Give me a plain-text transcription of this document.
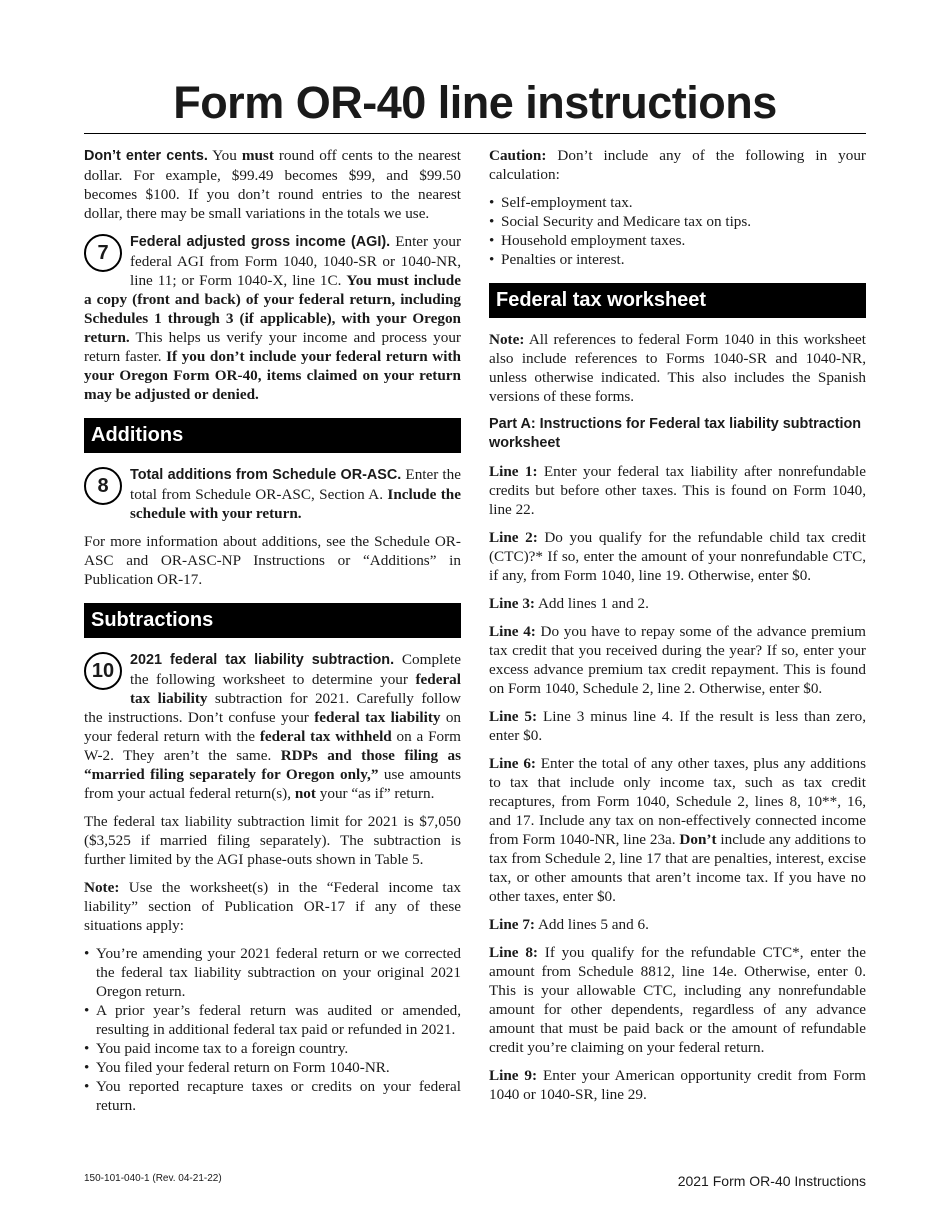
Form OR-40 line instructions

Don’t enter cents. You must round off cents to the nearest dollar. For example, $99.49 becomes $99, and $99.50 becomes $100. If you don’t round entries to the nearest dollar, there may be small variations in the totals we use.

7	Federal adjusted gross income (AGI). Enter your federal AGI from Form 1040, 1040-SR or 1040-NR, line 11; or Form 1040-X, line 1C. You must include a copy (front and back) of your federal return, including Schedules 1 through 3 (if applicable), with your Oregon return. This helps us verify your income and process your return faster. If you don’t include your federal return with your Oregon Form OR-40, items claimed on your return may be adjusted or denied.

Additions
8	Total additions from Schedule OR-ASC. Enter the total from Schedule OR-ASC, Section A. Include the schedule with your return.

For more information about additions, see the Schedule OR-ASC and OR-ASC-NP Instructions or “Additions” in Publication OR-17.

Subtractions
10	2021 federal tax liability subtraction. Complete the following worksheet to determine your federal tax liability subtraction for 2021. Carefully follow the instructions. Don’t confuse your federal tax liability on your federal return with the federal tax withheld on a Form W-2. They aren’t the same. RDPs and those filing as “married filing separately for Oregon only,” use amounts from your actual federal return(s), not your “as if” return.

The federal tax liability subtraction limit for 2021 is $7,050 ($3,525 if married filing separately). The subtraction is further limited by the AGI phase-outs shown in Table 5.

Note: Use the worksheet(s) in the “Federal income tax liability” section of Publication OR-17 if any of these situations apply:

• You’re amending your 2021 federal return or we corrected the federal tax liability subtraction on your original 2021 Oregon return.
• A prior year’s federal return was audited or amended, resulting in additional federal tax paid or refunded in 2021.
• You paid income tax to a foreign country.
• You filed your federal return on Form 1040-NR.
• You reported recapture taxes or credits on your federal return.

Caution: Don’t include any of the following in your calculation:

• Self-employment tax.
• Social Security and Medicare tax on tips.
• Household employment taxes.
• Penalties or interest.
Federal tax worksheet

Note: All references to federal Form 1040 in this worksheet also include references to Forms 1040-SR and 1040-NR, unless otherwise indicated. This also includes the Spanish versions of these forms.

Part A: Instructions for Federal tax liability subtraction worksheet

Line 1: Enter your federal tax liability after nonrefundable credits but before other taxes. This is found on Form 1040, line 22.

Line 2: Do you qualify for the refundable child tax credit (CTC)?* If so, enter the amount of your nonrefundable CTC, if any, from Form 1040, line 19. Otherwise, enter $0.

Line 3: Add lines 1 and 2.

Line 4: Do you have to repay some of the advance premium tax credit that you received during the year? If so, enter your excess advance premium tax credit repayment. This is found on Form 1040, Schedule 2, line 2. Otherwise, enter $0.

Line 5: Line 3 minus line 4. If the result is less than zero, enter $0.

Line 6: Enter the total of any other taxes, plus any additions to tax that include only income tax, such as tax credit recaptures, from Form 1040, Schedule 2, lines 8, 10**, 16, and 17. Include any tax on non-effectively connected income from Form 1040-NR, line 23a. Don’t include any additions to tax from Schedule 2, line 17 that are penalties, interest, excise tax, or other amounts that aren’t income tax. If you have no other taxes, enter $0.

Line 7: Add lines 5 and 6.

Line 8: If you qualify for the refundable CTC*, enter the amount from Schedule 8812, line 14e. Otherwise, enter 0. This is your allowable CTC, including any nonrefundable amount for other dependents, regardless of any advance amount that must be paid back or the amount of refundable credit you’re claiming on your federal return.

Line 9: Enter your American opportunity credit from Form 1040 or 1040-SR, line 29.

150-101-040-1 (Rev. 04-21-22)	2021 Form OR-40 Instructions
